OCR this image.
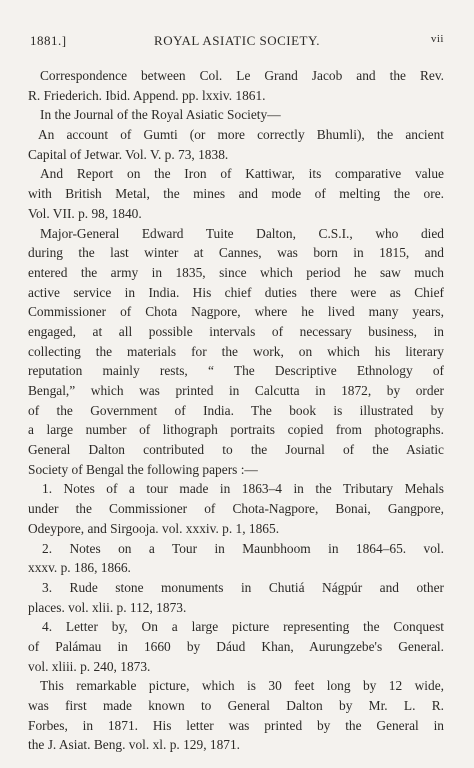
1881.]	ROYAL ASIATIC SOCIETY.	vii
Correspondence between Col. Le Grand Jacob and the Rev.
R. Friederich. Ibid. Append. pp. lxxiv. 1861.
In the Journal of the Royal Asiatic Society—
An account of Gumti (or more correctly Bhumli), the ancient
Capital of Jetwar. Vol. V. p. 73, 1838.
And Report on the Iron of Kattiwar, its comparative value
with British Metal, the mines and mode of melting the ore.
Vol. VII. p. 98, 1840.
Major-General Edward Tuite Dalton, C.S.I., who died
during the last winter at Cannes, was born in 1815, and
entered the army in 1835, since which period he saw much
active service in India. His chief duties there were as Chief
Commissioner of Chota Nagpore, where he lived many years,
engaged, at all possible intervals of necessary business, in
collecting the materials for the work, on which his literary
reputation mainly rests, “ The Descriptive Ethnology of
Bengal,” which was printed in Calcutta in 1872, by order
of the Government of India. The book is illustrated by
a large number of lithograph portraits copied from photographs.
General Dalton contributed to the Journal of the Asiatic
Society of Bengal the following papers :—
1. Notes of a tour made in 1863–4 in the Tributary Mehals
under the Commissioner of Chota-Nagpore, Bonai, Gangpore,
Odeypore, and Sirgooja. vol. xxxiv. p. 1, 1865.
2. Notes on a Tour in Maunbhoom in 1864–65. vol.
xxxv. p. 186, 1866.
3. Rude stone monuments in Chutiá Nágpúr and other
places. vol. xlii. p. 112, 1873.
4. Letter by, On a large picture representing the Conquest
of Palámau in 1660 by Dáud Khan, Aurungzebe's General.
vol. xliii. p. 240, 1873.
This remarkable picture, which is 30 feet long by 12 wide,
was first made known to General Dalton by Mr. L. R.
Forbes, in 1871. His letter was printed by the General in
the J. Asiat. Beng. vol. xl. p. 129, 1871.
